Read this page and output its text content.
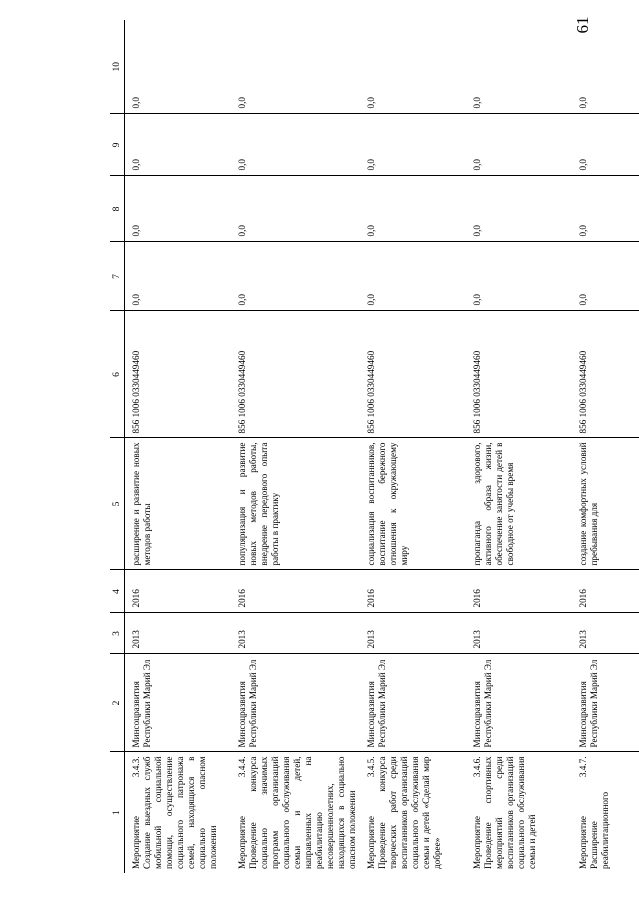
61
1	2	3	4	5	6	7	8	9	10
Мероприятие 3.4.3. Создание выездных служб мобильной социальной помощи, осуществление социального патронажа семей, находящихся в социально опасном положении	Минсоцразвития Республики Марий Эл	2013	2016	расширение и развитие новых методов работы	856 1006 0330449460	0,0	0,0	0,0	0,0
Мероприятие 3.4.4. Проведение конкурса социально значимых программ организаций социального обслуживания семьи и детей, направленных на реабилитацию несовершеннолетних, находящихся в социально опасном положении	Минсоцразвития Республики Марий Эл	2013	2016	популяризация и развитие новых методов работы, внедрение передового опыта работы в практику	856 1006 0330449460	0,0	0,0	0,0	0,0
Мероприятие 3.4.5. Проведение конкурса творческих работ среди воспитанников организаций социального обслуживания семьи и детей «Сделай мир добрее»	Минсоцразвития Республики Марий Эл	2013	2016	социализация воспитанников, воспитание бережного отношения к окружающему миру	856 1006 0330449460	0,0	0,0	0,0	0,0
Мероприятие 3.4.6. Проведение спортивных мероприятий среди воспитанников организаций социального обслуживания семьи и детей	Минсоцразвития Республики Марий Эл	2013	2016	пропаганда здорового, активного образа жизни, обеспечение занятости детей в свободное от учебы время	856 1006 0330449460	0,0	0,0	0,0	0,0
Мероприятие 3.4.7. Расширение реабилитационного	Минсоцразвития Республики Марий Эл	2013	2016	создание комфортных условий пребывания для	856 1006 0330449460	0,0	0,0	0,0	0,0
